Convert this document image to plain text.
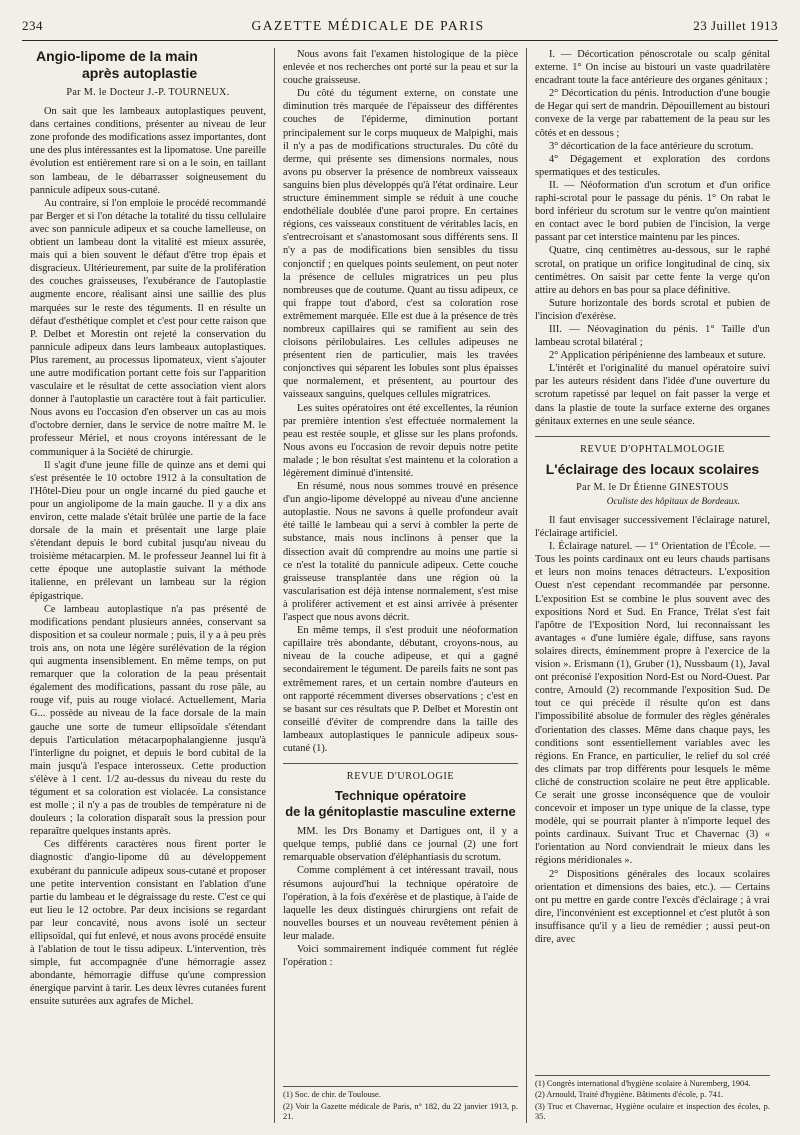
234	GAZETTE MÉDICALE DE PARIS	23 Juillet 1913
Angio-lipome de la main
après autoplastie
Par M. le Docteur J.-P. TOURNEUX.

On sait que les lambeaux autoplastiques peuvent, dans certaines conditions, présenter au niveau de leur zone profonde des modifications assez importantes, dont une des plus intéressantes est la lipomatose. Une pareille évolution est entièrement rare si on a le soin, en taillant son lambeau, de le débarrasser soigneusement du pannicule adipeux sous-cutané.

Au contraire, si l'on emploie le procédé recommandé par Berger et si l'on détache la totalité du tissu cellulaire avec son pannicule adipeux et sa couche lamelleuse, on obtient un lambeau dont la vitalité est mieux assurée, mais qui a bien souvent le défaut d'être trop épais et disgracieux. Ultérieurement, par suite de la prolifération des couches graisseuses, l'exubérance de l'autoplastie augmente encore, réalisant ainsi une saillie des plus marquées sur le reste des téguments. Il en résulte un défaut d'esthétique complet et c'est pour cette raison que P. Delbet et Morestin ont rejeté la conservation du pannicule adipeux dans leurs lambeaux autoplastiques. Plus rarement, au processus lipomateux, vient s'ajouter une autre modification portant cette fois sur l'apparition vasculaire et le résultat de cette association vient alors donner à l'autoplastie un caractère tout à fait particulier. Nous avons eu l'occasion d'en observer un cas au mois d'octobre dernier, dans le service de notre maître M. le professeur Mériel, et nous croyons intéressant de le communiquer à la Société de chirurgie.

Il s'agit d'une jeune fille de quinze ans et demi qui s'est présentée le 10 octobre 1912 à la consultation de l'Hôtel-Dieu pour un ongle incarné du pied gauche et pour un angiolipome de la main gauche. Il y a dix ans environ, cette malade s'était brûlée une partie de la face dorsale de la main et présentait une large plaie s'étendant depuis le bord cubital jusqu'au niveau du troisième métacarpien. M. le professeur Jeannel lui fit à cette époque une autoplastie suivant la méthode italienne, en prélevant un lambeau sur la région épigastrique.

Ce lambeau autoplastique n'a pas présenté de modifications pendant plusieurs années, conservant sa disposition et sa couleur normale ; puis, il y a à peu près trois ans, on nota une légère surélévation de la région qui augmenta insensiblement. En même temps, on put remarquer que la coloration de la peau présentait également des modifications, passant du rose pâle, au rouge vif, puis au rouge violacé. Actuellement, Maria G... possède au niveau de la face dorsale de la main gauche une sorte de tumeur ellipsoïdale s'étendant depuis l'articulation métacarpophalangienne jusqu'à l'interligne du poignet, et depuis le bord cubital de la main jusqu'à l'espace interosseux. Cette production s'élève à 1 cent. 1/2 au-dessus du niveau du reste du tégument et sa coloration est violacée. La consistance est molle ; il n'y a pas de troubles de température ni de douleurs ; la coloration disparaît sous la pression pour reparaître quelques instants après.

Ces différents caractères nous firent porter le diagnostic d'angio-lipome dû au développement exubérant du pannicule adipeux sous-cutané et proposer une petite intervention consistant en l'ablation d'une partie du lambeau et le dégraissage du reste. C'est ce qui eut lieu le 12 octobre. Par deux incisions se regardant par leur concavité, nous avons isolé un secteur ellipsoïdal, qui fut enlevé, et nous avons procédé ensuite à l'ablation de tout le tissu adipeux. L'intervention, très simple, fut accompagnée d'une hémorragie assez abondante, hémorragie diffuse qu'une compression énergique parvint à tarir. Les deux lèvres cutanées furent ensuite suturées aux agrafes de Michel.

Nous avons fait l'examen histologique de la pièce enlevée et nos recherches ont porté sur la peau et sur la couche graisseuse.

Du côté du tégument externe, on constate une diminution très marquée de l'épaisseur des différentes couches de l'épiderme, diminution portant principalement sur le corps muqueux de Malpighi, mais il n'y a pas de modifications structurales. Du côté du derme, qui présente ses dimensions normales, nous avons pu observer la présence de nombreux vaisseaux sanguins bien plus développés qu'à l'état ordinaire. Leur structure éminemment simple se réduit à une couche endothéliale doublée d'une paroi propre. En certaines régions, ces vaisseaux constituent de véritables lacis, en s'entrecroisant et s'anastomosant sous différents sens. Il n'y a pas de modifications bien sensibles du tissu conjonctif ; en quelques points seulement, on peut noter la présence de cellules migratrices un peu plus nombreuses que de coutume. Quant au tissu adipeux, ce qui frappe tout d'abord, c'est sa coloration rose extrêmement marquée. Elle est due à la présence de très nombreux capillaires qui se ramifient au sein des cloisons périlobulaires. Les cellules adipeuses ne présentent rien de particulier, mais les travées conjonctives qui séparent les lobules sont plus épaisses que normalement, et présentent, au pourtour des vaisseaux sanguins, quelques cellules migratrices.

Les suites opératoires ont été excellentes, la réunion par première intention s'est effectuée normalement la peau est restée souple, et glisse sur les plans profonds. Nous avons eu l'occasion de revoir depuis notre petite malade ; le bon résultat s'est maintenu et la coloration a légèrement diminué d'intensité.

En résumé, nous nous sommes trouvé en présence d'un angio-lipome développé au niveau d'une ancienne autoplastie. Nous ne savons à quelle profondeur avait été taillé le lambeau qui a servi à combler la perte de substance, mais nous inclinons à penser que la dissection avait dû comprendre au moins une partie si ce n'est la totalité du pannicule adipeux. Cette couche graisseuse transplantée dans une région où la vascularisation est déjà intense normalement, s'est mise à proliférer activement et est ainsi arrivée à présenter l'aspect que nous avons décrit.

En même temps, il s'est produit une néoformation capillaire très abondante, débutant, croyons-nous, au niveau de la couche adipeuse, et qui a gagné secondairement le tégument. De pareils faits ne sont pas extrêmement rares, et un certain nombre d'auteurs en ont rapporté récemment diverses observations ; c'est en se basant sur ces résultats que P. Delbet et Morestin ont conseillé d'éviter de comprendre dans la taille des lambeaux autoplastiques le pannicule adipeux sous-cutané (1).

REVUE D'UROLOGIE
Technique opératoire
de la génitoplastie masculine externe

MM. les Drs Bonamy et Dartigues ont, il y a quelque temps, publié dans ce journal (2) une fort remarquable observation d'éléphantiasis du scrotum.

Comme complément à cet intéressant travail, nous résumons aujourd'hui la technique opératoire de l'opération, à la fois d'exérèse et de plastique, à l'aide de laquelle les deux distingués chirurgiens ont refait de nouvelles bourses et un nouveau revêtement pénien à leur malade.

Voici sommairement indiquée comment fut réglée l'opération :

(1) Soc. de chir. de Toulouse.

(2) Voir la Gazette médicale de Paris, n° 182, du 22 janvier 1913, p. 21.

I. — Décortication pénoscrotale ou scalp génital externe. 1° On incise au bistouri un vaste quadrilatère encadrant toute la face antérieure des organes génitaux ;

2° Décortication du pénis. Introduction d'une bougie de Hegar qui sert de mandrin. Dépouillement au bistouri convexe de la verge par rabattement de la peau sur les côtés et en dessous ;

3° décortication de la face antérieure du scrotum.

4° Dégagement et exploration des cordons spermatiques et des testicules.

II. — Néoformation d'un scrotum et d'un orifice raphi-scrotal pour le passage du pénis. 1° On rabat le bord inférieur du scrotum sur le ventre qu'on maintient en contact avec le bord pubien de l'incision, la verge passant par cet interstice maintenu par les pinces.

Quatre, cinq centimètres au-dessous, sur le raphé scrotal, on pratique un orifice longitudinal de cinq, six centimètres. On saisit par cette fente la verge qu'on attire au dehors en bas pour sa place définitive.

Suture horizontale des bords scrotal et pubien de l'incision d'exérèse.

III. — Néovagination du pénis. 1° Taille d'un lambeau scrotal bilatéral ;

2° Application péripénienne des lambeaux et suture.

L'intérêt et l'originalité du manuel opératoire suivi par les auteurs résident dans l'idée d'une ouverture du scrotum rapetissé par lequel on fait passer la verge et dans la plastie de toute la surface externe des organes génitaux externes en une seule séance.

REVUE D'OPHTALMOLOGIE
L'éclairage des locaux scolaires
Par M. le Dr Étienne GINESTOUS
Oculiste des hôpitaux de Bordeaux.

Il faut envisager successivement l'éclairage naturel, l'éclairage artificiel.

I. Éclairage naturel. — 1° Orientation de l'École. — Tous les points cardinaux ont eu leurs chauds partisans et leurs non moins tenaces détracteurs. L'exposition Ouest n'est cependant recommandée par personne. L'exposition Est se combine le plus souvent avec des expositions Nord et Sud. En France, Trélat s'est fait l'apôtre de l'Exposition Nord, lui reconnaissant les avantages « d'une lumière égale, diffuse, sans rayons solaires directs, éminemment propre à l'exercice de la vision ». Erismann (1), Gruber (1), Nussbaum (1), Javal ont préconisé l'exposition Nord-Est ou Nord-Ouest. Par contre, Arnould (2) recommande l'exposition Sud. De tout ce qui précède il résulte qu'on est dans l'impossibilité absolue de formuler des règles générales d'orientation des classes. Même dans chaque pays, les conditions sont essentiellement variables avec les régions. En France, en particulier, le relief du sol créé des climats par trop différents pour lesquels le même cliché de construction scolaire ne peut être applicable. Ce serait une grosse inconséquence que de vouloir concevoir et imposer un type unique de la classe, type modèle, qui se pourrait planter à n'importe lequel des points cardinaux. Suivant Truc et Chavernac (3) « l'orientation au Nord conviendrait le mieux dans les régions méridionales ».

2° Dispositions générales des locaux scolaires orientation et dimensions des baies, etc.). — Certains ont pu mettre en garde contre l'excès d'éclairage ; à vrai dire, l'inconvénient est exceptionnel et c'est plutôt à son insuffisance qu'il y a lieu de remédier ; aussi peut-on dire, avec

(1) Congrès international d'hygiène scolaire à Nuremberg, 1904.

(2) Arnould, Traité d'hygiène. Bâtiments d'école, p. 741.

(3) Truc et Chavernac, Hygiène oculaire et inspection des écoles, p. 35.
